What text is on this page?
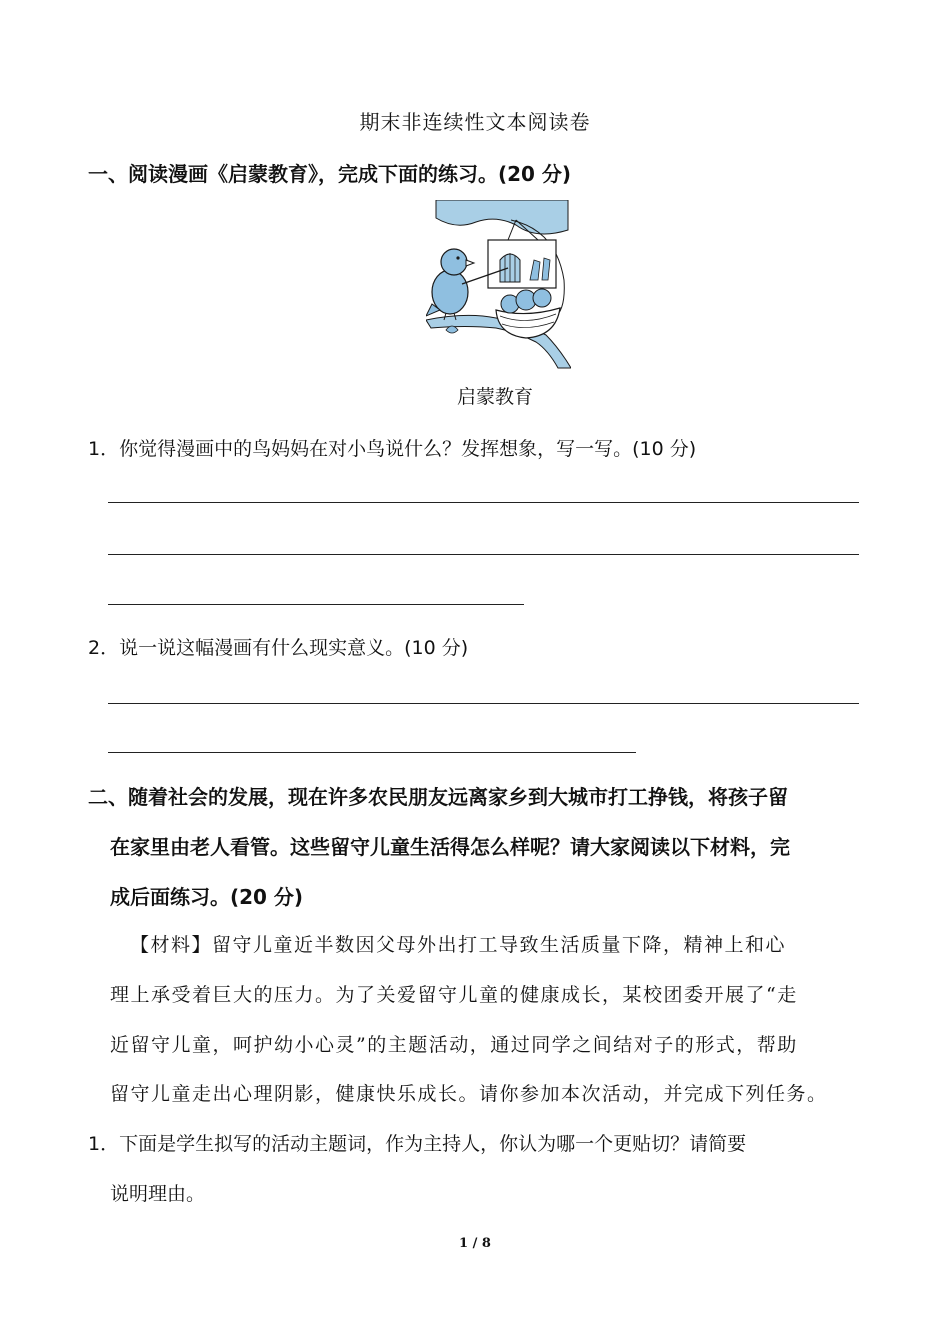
期末非连续性文本阅读卷
一、阅读漫画《启蒙教育》，完成下面的练习。(20 分)
启蒙教育
1．你觉得漫画中的鸟妈妈在对小鸟说什么？发挥想象，写一写。(10 分)
2．说一说这幅漫画有什么现实意义。(10 分)
二、随着社会的发展，现在许多农民朋友远离家乡到大城市打工挣钱，将孩子留
在家里由老人看管。这些留守儿童生活得怎么样呢？请大家阅读以下材料，完
成后面练习。(20 分)
【材料】留守儿童近半数因父母外出打工导致生活质量下降，精神上和心
理上承受着巨大的压力。为了关爱留守儿童的健康成长，某校团委开展了“走
近留守儿童，呵护幼小心灵”的主题活动，通过同学之间结对子的形式，帮助
留守儿童走出心理阴影，健康快乐成长。请你参加本次活动，并完成下列任务。
1．下面是学生拟写的活动主题词，作为主持人，你认为哪一个更贴切？请简要
说明理由。
1 / 8
